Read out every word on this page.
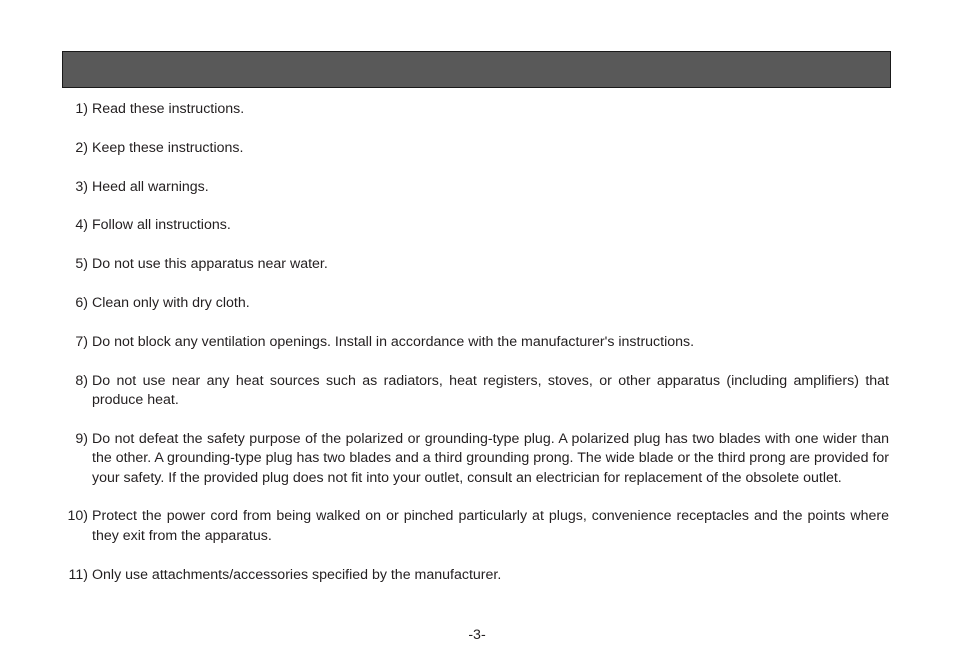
1) Read these instructions.
2) Keep these instructions.
3) Heed all warnings.
4) Follow all instructions.
5) Do not use this apparatus near water.
6) Clean only with dry cloth.
7) Do not block any ventilation openings. Install in accordance with the manufacturer's instructions.
8) Do not use near any heat sources such as radiators, heat registers, stoves, or other apparatus (including amplifiers) that produce heat.
9) Do not defeat the safety purpose of the polarized or grounding-type plug. A polarized plug has two blades with one wider than the other. A grounding-type plug has two blades and a third grounding prong. The wide blade or the third prong are provided for your safety. If the provided plug does not fit into your outlet, consult an electrician for replacement of the obsolete outlet.
10) Protect the power cord from being walked on or pinched particularly at plugs, convenience receptacles and the points where they exit from the apparatus.
11) Only use attachments/accessories specified by the manufacturer.
-3-
